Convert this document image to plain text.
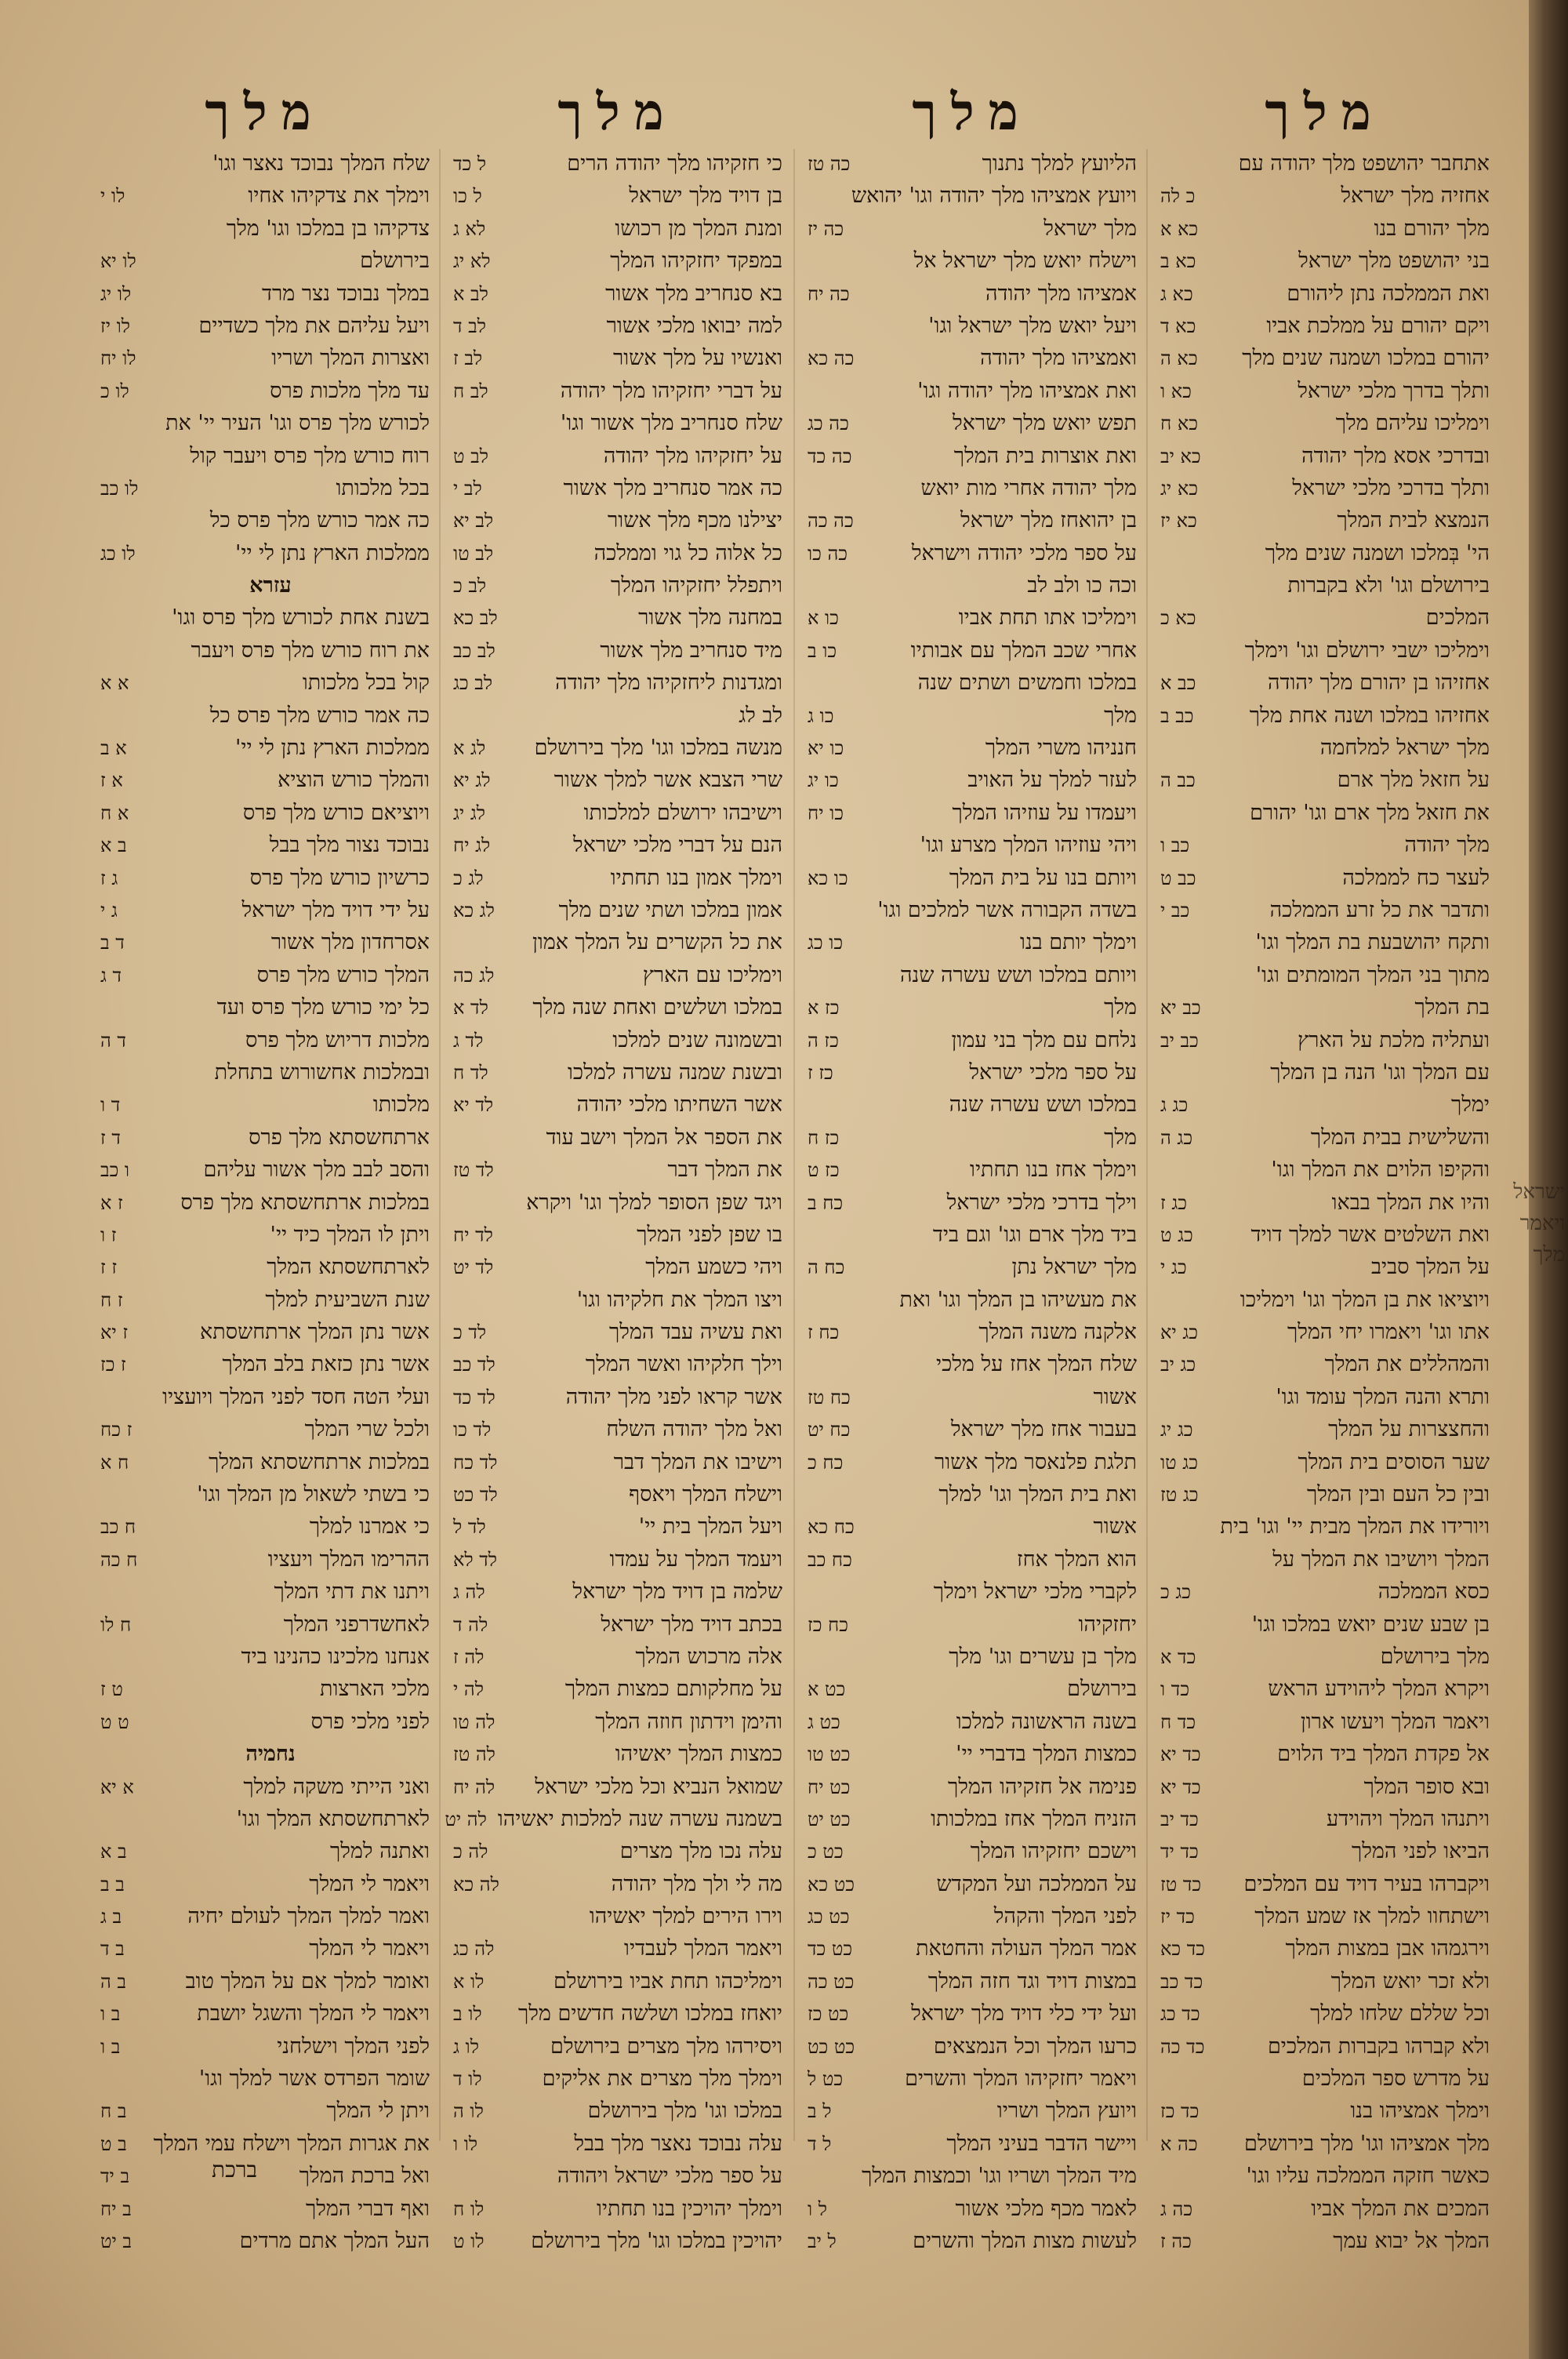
מלך
אתחבר יהושפט מלך יהודה עם
אחזיה מלך ישראל
כ לה
מלך יהורם בנו
כא א
בני יהושפט מלך ישראל
כא ב
ואת הממלכה נתן ליהורם
כא ג
ויקם יהורם על ממלכת אביו
כא ד
יהורם במלכו ושמנה שנים מלך
כא ה
ותלך בדרך מלכי ישראל
כא ו
וימליכו עליהם מלך
כא ח
ובדרכי אסא מלך יהודה
כא יב
ותלך בדרכי מלכי ישראל
כא יג
הנמצא לבית המלך
כא יז
הי' בְּמלכו ושמנה שנים מלך
בירושלם וגו' ולא בקברות
המלכים
כא כ
וימליכו ישבי ירושלם וגו' וימלך
אחזיהו בן יהורם מלך יהודה
כב א
אחזיהו במלכו ושנה אחת מלך
כב ב
מלך ישראל למלחמה
על חזאל מלך ארם
כב ה
את חזאל מלך ארם וגו' יהורם
מלך יהודה
כב ו
לעצר כח לממלכה
כב ט
ותדבר את כל זרע הממלכה
כב י
ותקח יהושבעת בת המלך וגו'
מתוך בני המלך המומתים וגו'
בת המלך
כב יא
ועתליה מלכת על הארץ
כב יב
עם המלך וגו' הנה בן המלך
ימלך
כג ג
והשלישית בבית המלך
כג ה
והקיפו הלוים את המלך וגו'
והיו את המלך בבאו
כג ז
ואת השלטים אשר למלך דויד
כג ט
על המלך סביב
כג י
ויוציאו את בן המלך וגו' וימליכו
אתו וגו' ויאמרו יחי המלך
כג יא
והמהללים את המלך
כג יב
ותרא והנה המלך עומד וגו'
והחצצרות על המלך
כג יג
שער הסוסים בית המלך
כג טו
ובין כל העם ובין המלך
כג טז
ויורידו את המלך מבית יי' וגו' בית
המלך ויושיבו את המלך על
כסא הממלכה
כג כ
בן שבע שנים יואש במלכו וגו'
מלך בירושלם
כד א
ויקרא המלך ליהוידע הראש
כד ו
ויאמר המלך ויעשו ארון
כד ח
אל פקדת המלך ביד הלוים
כד יא
ובא סופר המלך
כד יא
ויתנהו המלך ויהוידע
כד יב
הביאו לפני המלך
כד יד
ויקברהו בעיר דויד עם המלכים
כד טז
וישתחוו למלך אז שמע המלך
כד יז
וירגמהו אבן במצות המלך
כד כא
ולא זכר יואש המלך
כד כב
וכל שללם שלחו למלך
כד כג
ולא קברהו בקברות המלכים
כד כה
על מדרש ספר המלכים
וימלך אמציהו בנו
כד כז
מלך אמציהו וגו' מלך בירושלם
כה א
כאשר חזקה הממלכה עליו וגו'
המכים את המלך אביו
כה ג
המלך אל יבוא עמך
כה ז
מלך
הליועץ למלך נתנוך
כה טז
ויועץ אמציהו מלך יהודה וגו' יהואש
מלך ישראל
כה יז
וישלח יואש מלך ישראל אל
אמציהו מלך יהודה
כה יח
ויעל יואש מלך ישראל וגו'
ואמציהו מלך יהודה
כה כא
ואת אמציהו מלך יהודה וגו'
תפש יואש מלך ישראל
כה כג
ואת אוצרות בית המלך
כה כד
מלך יהודה אחרי מות יואש
בן יהואחז מלך ישראל
כה כה
על ספר מלכי יהודה וישראל
כה כו
וכה כו ולב לב
וימליכו אתו תחת אביו
כו א
אחרי שכב המלך עם אבותיו
כו ב
במלכו וחמשים ושתים שנה
מלך
כו ג
חנניהו משרי המלך
כו יא
לעזר למלך על האויב
כו יג
ויעמדו על עוזיהו המלך
כו יח
ויהי עוזיהו המלך מצרע וגו'
ויותם בנו על בית המלך
כו כא
בשדה הקבורה אשר למלכים וגו'
וימלך יותם בנו
כו כג
ויותם במלכו ושש עשרה שנה
מלך
כז א
נלחם עם מלך בני עמון
כז ה
על ספר מלכי ישראל
כז ז
במלכו ושש עשרה שנה
מלך
כז ח
וימלך אחז בנו תחתיו
כז ט
וילך בדרכי מלכי ישראל
כח ב
ביד מלך ארם וגו' וגם ביד
מלך ישראל נתן
כח ה
את מעשיהו בן המלך וגו' ואת
אלקנה משנה המלך
כח ז
שלח המלך אחז על מלכי
אשור
כח טז
בעבור אחז מלך ישראל
כח יט
תלגת פלנאסר מלך אשור
כח כ
ואת בית המלך וגו' למלך
אשור
כח כא
הוא המלך אחז
כח כב
לקברי מלכי ישראל וימלך
יחזקיהו
כח כז
מלך בן עשרים וגו' מלך
בירושלם
כט א
בשנה הראשונה למלכו
כט ג
כמצות המלך בדברי יי'
כט טו
פנימה אל חזקיהו המלך
כט יח
הזניח המלך אחז במלכותו
כט יט
וישכם יחזקיהו המלך
כט כ
על הממלכה ועל המקדש
כט כא
לפני המלך והקהל
כט כג
אמר המלך העולה והחטאת
כט כד
במצות דויד וגד חזה המלך
כט כה
ועל ידי כלי דויד מלך ישראל
כט כז
כרעו המלך וכל הנמצאים
כט כט
ויאמר יחזקיהו המלך והשרים
כט ל
ויועץ המלך ושריו
ל ב
ויישר הדבר בעיני המלך
ל ד
מיד המלך ושריו וגו' וכמצות המלך
לאמר מכף מלכי אשור
ל ו
לעשות מצות המלך והשרים
ל יב
מלך
כי חזקיהו מלך יהודה הרים
ל כד
בן דויד מלך ישראל
ל כו
ומנת המלך מן רכושו
לא ג
במפקד יחזקיהו המלך
לא יג
בא סנחריב מלך אשור
לב א
למה יבואו מלכי אשור
לב ד
ואנשיו על מלך אשור
לב ז
על דברי יחזקיהו מלך יהודה
לב ח
שלח סנחריב מלך אשור וגו'
על יחזקיהו מלך יהודה
לב ט
כה אמר סנחריב מלך אשור
לב י
יצילנו מכף מלך אשור
לב יא
כל אלוה כל גוי וממלכה
לב טו
ויתפלל יחזקיהו המלך
לב כ
במחנה מלך אשור
לב כא
מיד סנחריב מלך אשור
לב כב
ומגדנות ליחזקיהו מלך יהודה
לב כג
לב לג
מנשה במלכו וגו' מלך בירושלם
לג א
שרי הצבא אשר למלך אשור
לג יא
וישיבהו ירושלם למלכותו
לג יג
הנם על דברי מלכי ישראל
לג יח
וימלך אמון בנו תחתיו
לג כ
אמון במלכו ושתי שנים מלך
לג כא
את כל הקשרים על המלך אמון
וימליכו עם הארץ
לג כה
במלכו ושלשים ואחת שנה מלך
לד א
ובשמונה שנים למלכו
לד ג
ובשנת שמנה עשרה למלכו
לד ח
אשר השחיתו מלכי יהודה
לד יא
את הספר אל המלך וישב עוד
את המלך דבר
לד טז
ויגד שפן הסופר למלך וגו' ויקרא
בו שפן לפני המלך
לד יח
ויהי כשמע המלך
לד יט
ויצו המלך את חלקיהו וגו'
ואת עשיה עבד המלך
לד כ
וילך חלקיהו ואשר המלך
לד כב
אשר קראו לפני מלך יהודה
לד כד
ואל מלך יהודה השלח
לד כו
וישיבו את המלך דבר
לד כח
וישלח המלך ויאסף
לד כט
ויעל המלך בית יי'
לד ל
ויעמד המלך על עמדו
לד לא
שלמה בן דויד מלך ישראל
לה ג
בכתב דויד מלך ישראל
לה ד
אלה מרכוש המלך
לה ז
על מחלקותם כמצות המלך
לה י
והימן וידתון חוזה המלך
לה טו
כמצות המלך יאשיהו
לה טז
שמואל הנביא וכל מלכי ישראל
לה יח
בשמנה עשרה שנה למלכות יאשיהו
לה יט
עלה נכו מלך מצרים
לה כ
מה לי ולך מלך יהודה
לה כא
וירו הירים למלך יאשיהו
ויאמר המלך לעבדיו
לה כג
וימליכהו תחת אביו בירושלם
לו א
יואחז במלכו ושלשה חדשים מלך
לו ב
ויסירהו מלך מצרים בירושלם
לו ג
וימלך מלך מצרים את אליקים
לו ד
במלכו וגו' מלך בירושלם
לו ה
עלה נבוכד נאצר מלך בבל
לו ו
על ספר מלכי ישראל ויהודה
וימלך יהויכין בנו תחתיו
לו ח
יהויכין במלכו וגו' מלך בירושלם
לו ט
מלך
שלח המלך נבוכד נאצר וגו'
וימלך את צדקיהו אחיו
לו י
צדקיהו בן במלכו וגו' מלך
בירושלם
לו יא
במלך נבוכד נצר מרד
לו יג
ויעל עליהם את מלך כשדיים
לו יז
ואצרות המלך ושריו
לו יח
עד מלך מלכות פרס
לו כ
לכורש מלך פרס וגו' העיר יי' את
רוח כורש מלך פרס ויעבר קול
בכל מלכותו
לו כב
כה אמר כורש מלך פרס כל
ממלכות הארץ נתן לי יי'
לו כג
עזרא
בשנת אחת לכורש מלך פרס וגו'
את רוח כורש מלך פרס ויעבר
קול בכל מלכותו
א א
כה אמר כורש מלך פרס כל
ממלכות הארץ נתן לי יי'
א ב
והמלך כורש הוציא
א ז
ויוציאם כורש מלך פרס
א ח
נבוכד נצור מלך בבל
ב א
כרשיון כורש מלך פרס
ג ז
על ידי דויד מלך ישראל
ג י
אסרחדון מלך אשור
ד ב
המלך כורש מלך פרס
ד ג
כל ימי כורש מלך פרס ועד
מלכות דריוש מלך פרס
ד ה
ובמלכות אחשורוש בתחלת
מלכותו
ד ו
ארתחשסתא מלך פרס
ד ז
והסב לבב מלך אשור עליהם
ו כב
במלכות ארתחשסתא מלך פרס
ז א
ויתן לו המלך כיד יי'
ז ו
לארתחשסתא המלך
ז ז
שנת השביעית למלך
ז ח
אשר נתן המלך ארתחשסתא
ז יא
אשר נתן כזאת בלב המלך
ז כז
ועלי הטה חסד לפני המלך ויועציו
ולכל שרי המלך
ז כח
במלכות ארתחשסתא המלך
ח א
כי בשתי לשאול מן המלך וגו'
כי אמרנו למלך
ח כב
ההרימו המלך ויעציו
ח כה
ויתנו את דתי המלך
לאחשדרפני המלך
ח לו
אנחנו מלכינו כהנינו ביד
מלכי הארצות
ט ז
לפני מלכי פרס
ט ט
נחמיה
ואני הייתי משקה למלך
א יא
לארתחשסתא המלך וגו'
ואתנה למלך
ב א
ויאמר לי המלך
ב ב
ואמר למלך המלך לעולם יחיה
ב ג
ויאמר לי המלך
ב ד
ואומר למלך אם על המלך טוב
ב ה
ויאמר לי המלך והשגל יושבת
ב ו
לפני המלך וישלחני
ב ו
שומר הפרדס אשר למלך וגו'
ויתן לי המלך
ב ח
את אגרות המלך וישלח עמי המלך
ב ט
ואל ברכת המלך
ב יד
ואף דברי המלך
ב יח
העל המלך אתם מרדים
ב יט
ברכת
ישראל ויאמר מלך
